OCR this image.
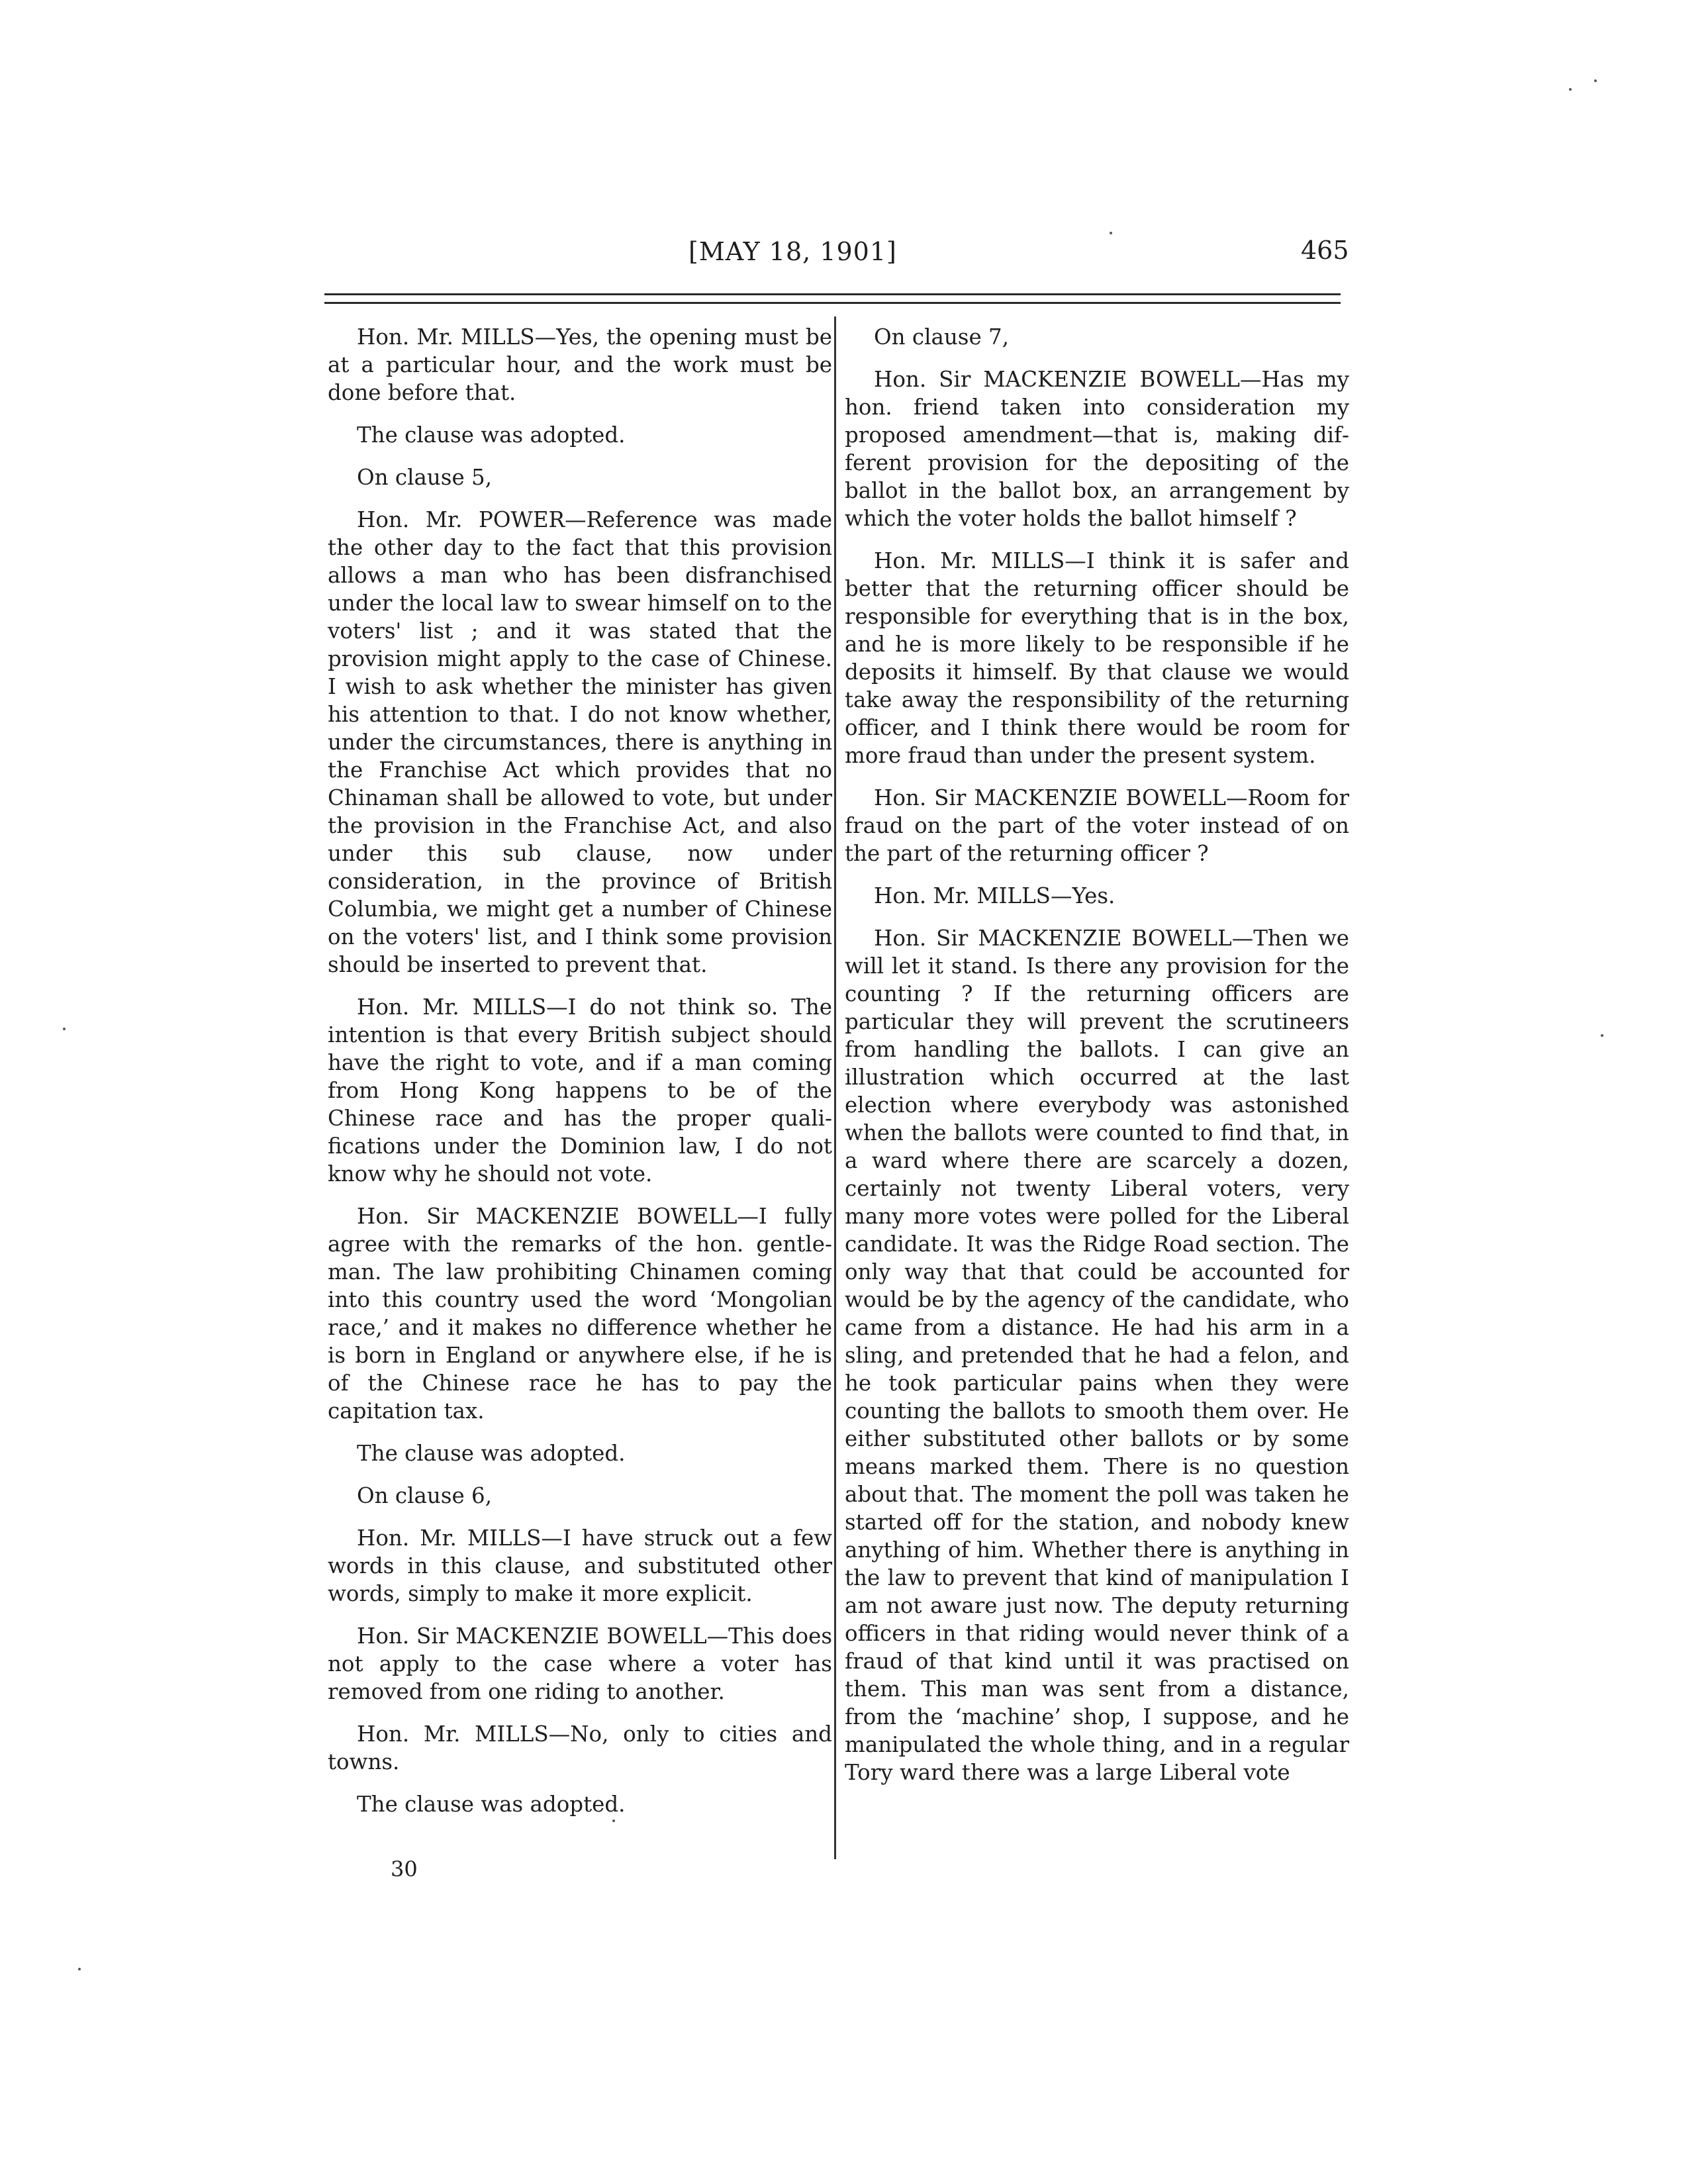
[MAY 18, 1901]	465

Hon. Mr. MILLS—Yes, the opening must be at a particular hour, and the work must be done before that.

The clause was adopted.

On clause 5,

Hon. Mr. POWER—Reference was made the other day to the fact that this provision allows a man who has been disfranchised under the local law to swear himself on to the voters' list ; and it was stated that the provision might apply to the case of Chinese. I wish to ask whether the minister has given his attention to that. I do not know whether, under the circumstances, there is anything in the Franchise Act which provides that no Chinaman shall be allowed to vote, but under the provision in the Franchise Act, and also under this sub clause, now under consideration, in the province of British Columbia, we might get a number of Chinese on the voters' list, and I think some provision should be inserted to prevent that.

Hon. Mr. MILLS—I do not think so. The intention is that every British subject should have the right to vote, and if a man coming from Hong Kong happens to be of the Chinese race and has the proper qualifications under the Dominion law, I do not know why he should not vote.

Hon. Sir MACKENZIE BOWELL—I fully agree with the remarks of the hon. gentleman. The law prohibiting Chinamen coming into this country used the word ‘Mongolian race,’ and it makes no difference whether he is born in England or anywhere else, if he is of the Chinese race he has to pay the capitation tax.

The clause was adopted.

On clause 6,

Hon. Mr. MILLS—I have struck out a few words in this clause, and substituted other words, simply to make it more explicit.

Hon. Sir MACKENZIE BOWELL—This does not apply to the case where a voter has removed from one riding to another.

Hon. Mr. MILLS—No, only to cities and towns.

The clause was adopted.

On clause 7,

Hon. Sir MACKENZIE BOWELL—Has my hon. friend taken into consideration my proposed amendment—that is, making different provision for the depositing of the ballot in the ballot box, an arrangement by which the voter holds the ballot himself ?

Hon. Mr. MILLS—I think it is safer and better that the returning officer should be responsible for everything that is in the box, and he is more likely to be responsible if he deposits it himself. By that clause we would take away the responsibility of the returning officer, and I think there would be room for more fraud than under the present system.

Hon. Sir MACKENZIE BOWELL—Room for fraud on the part of the voter instead of on the part of the returning officer ?

Hon. Mr. MILLS—Yes.

Hon. Sir MACKENZIE BOWELL—Then we will let it stand. Is there any provision for the counting ? If the returning officers are particular they will prevent the scrutineers from handling the ballots. I can give an illustration which occurred at the last election where everybody was astonished when the ballots were counted to find that, in a ward where there are scarcely a dozen, certainly not twenty Liberal voters, very many more votes were polled for the Liberal candidate. It was the Ridge Road section. The only way that that could be accounted for would be by the agency of the candidate, who came from a distance. He had his arm in a sling, and pretended that he had a felon, and he took particular pains when they were counting the ballots to smooth them over. He either substituted other ballots or by some means marked them. There is no question about that. The moment the poll was taken he started off for the station, and nobody knew anything of him. Whether there is anything in the law to prevent that kind of manipulation I am not aware just now. The deputy returning officers in that riding would never think of a fraud of that kind until it was practised on them. This man was sent from a distance, from the ‘machine’ shop, I suppose, and he manipulated the whole thing, and in a regular Tory ward there was a large Liberal vote

30
